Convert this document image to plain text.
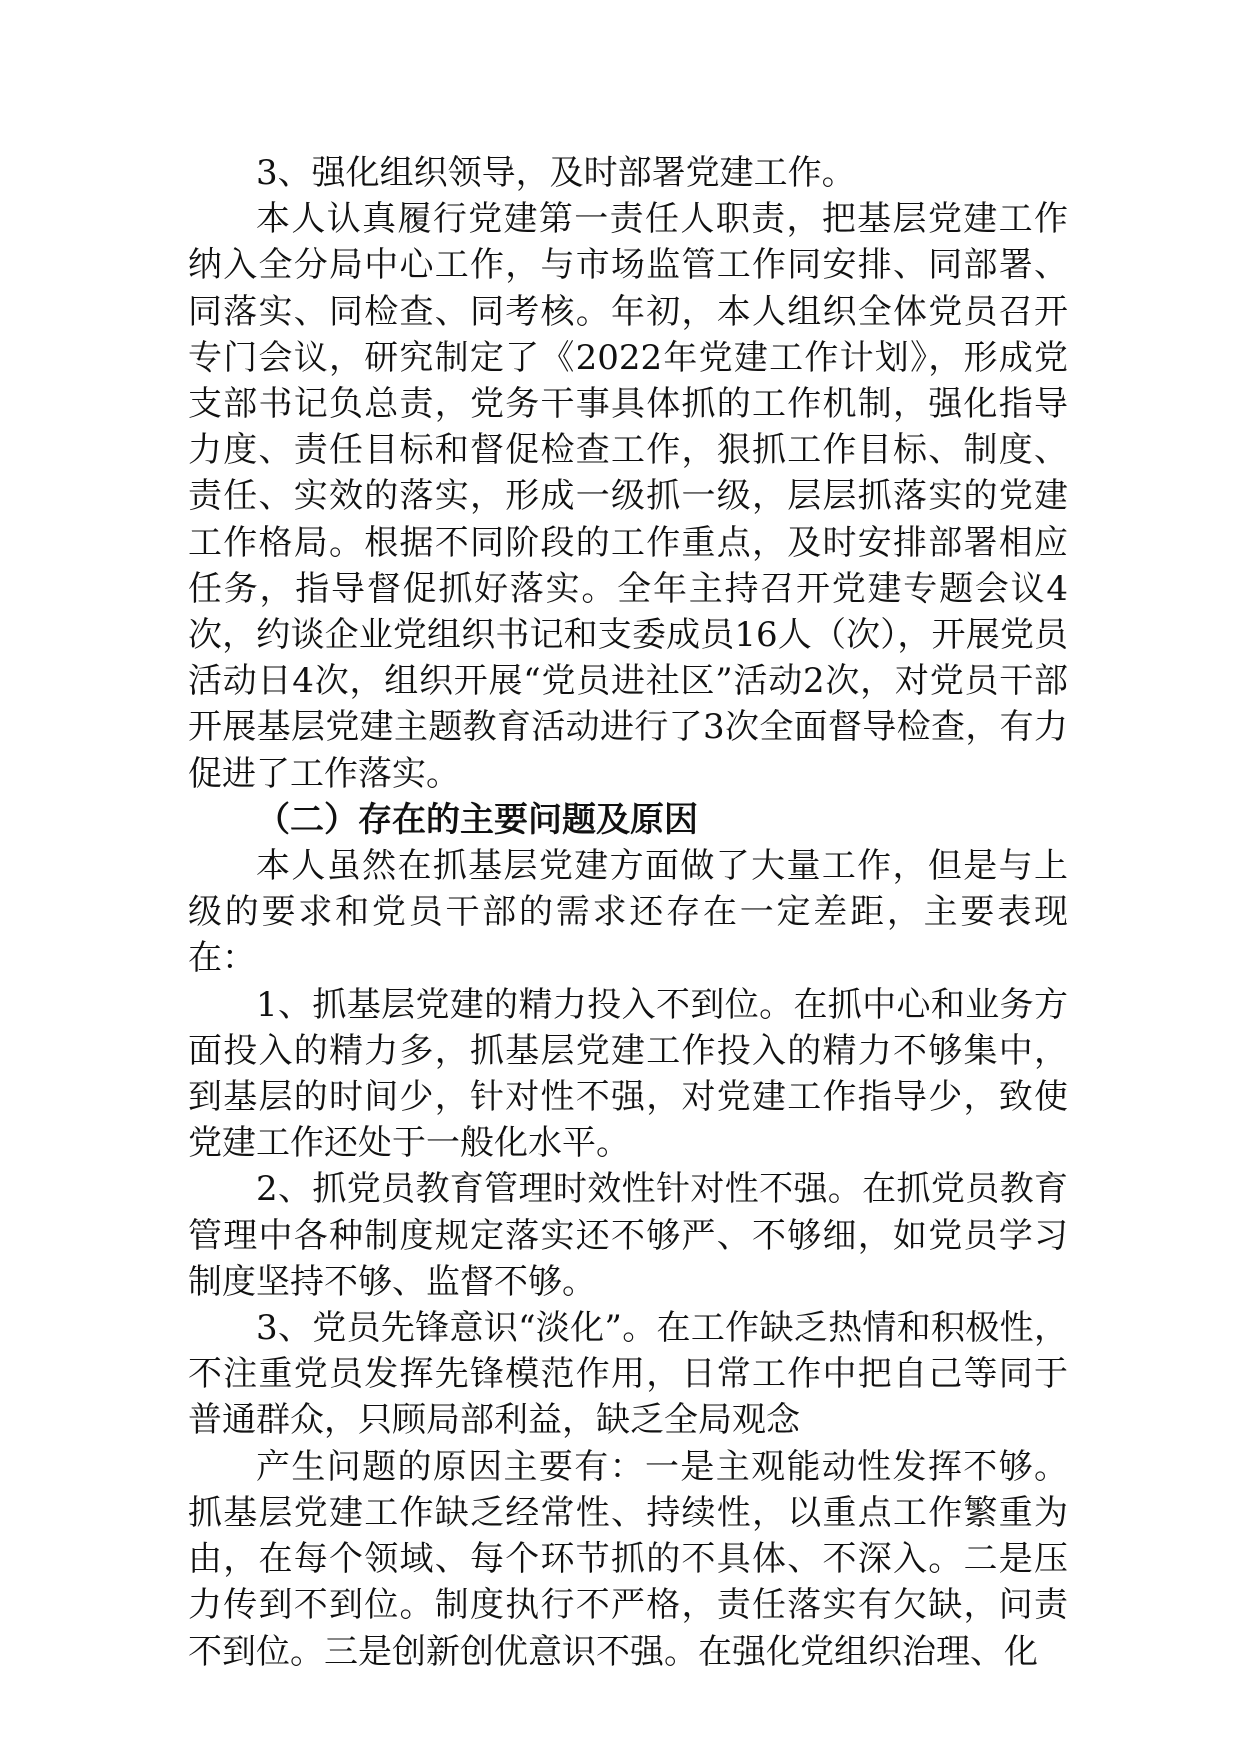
3、强化组织领导，及时部署党建工作。

本人认真履行党建第一责任人职责，把基层党建工作纳入全分局中心工作，与市场监管工作同安排、同部署、同落实、同检查、同考核。年初，本人组织全体党员召开专门会议，研究制定了《2022年党建工作计划》，形成党支部书记负总责，党务干事具体抓的工作机制，强化指导力度、责任目标和督促检查工作，狠抓工作目标、制度、责任、实效的落实，形成一级抓一级，层层抓落实的党建工作格局。根据不同阶段的工作重点，及时安排部署相应任务，指导督促抓好落实。全年主持召开党建专题会议4次，约谈企业党组织书记和支委成员16人（次），开展党员活动日4次，组织开展“党员进社区”活动2次，对党员干部开展基层党建主题教育活动进行了3次全面督导检查，有力促进了工作落实。

（二）存在的主要问题及原因

本人虽然在抓基层党建方面做了大量工作，但是与上级的要求和党员干部的需求还存在一定差距，主要表现在：

1、抓基层党建的精力投入不到位。在抓中心和业务方面投入的精力多，抓基层党建工作投入的精力不够集中，到基层的时间少，针对性不强，对党建工作指导少，致使党建工作还处于一般化水平。

2、抓党员教育管理时效性针对性不强。在抓党员教育管理中各种制度规定落实还不够严、不够细，如党员学习制度坚持不够、监督不够。

3、党员先锋意识“淡化”。在工作缺乏热情和积极性，不注重党员发挥先锋模范作用，日常工作中把自己等同于普通群众，只顾局部利益，缺乏全局观念

产生问题的原因主要有：一是主观能动性发挥不够。抓基层党建工作缺乏经常性、持续性，以重点工作繁重为由，在每个领域、每个环节抓的不具体、不深入。二是压力传到不到位。制度执行不严格，责任落实有欠缺，问责不到位。三是创新创优意识不强。在强化党组织治理、化
